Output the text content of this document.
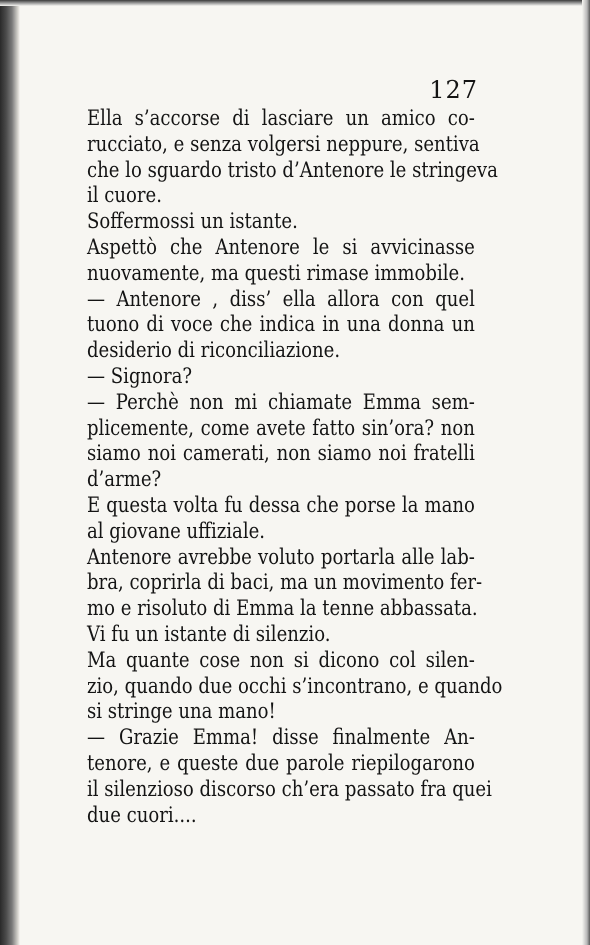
127
Ella s’accorse di lasciare un amico co-
rucciato, e senza volgersi neppure, sentiva
che lo sguardo tristo d’Antenore le stringeva
il cuore.
Soffermossi un istante.
Aspettò che Antenore le si avvicinasse
nuovamente, ma questi rimase immobile.
— Antenore , diss’ ella allora con quel
tuono di voce che indica in una donna un
desiderio di riconciliazione.
— Signora?
— Perchè non mi chiamate Emma sem-
plicemente, come avete fatto sin’ora? non
siamo noi camerati, non siamo noi fratelli
d’arme?
E questa volta fu dessa che porse la mano
al giovane uffiziale.
Antenore avrebbe voluto portarla alle lab-
bra, coprirla di baci, ma un movimento fer-
mo e risoluto di Emma la tenne abbassata.
Vi fu un istante di silenzio.
Ma quante cose non si dicono col silen-
zio, quando due occhi s’incontrano, e quando
si stringe una mano!
— Grazie Emma! disse finalmente An-
tenore, e queste due parole riepilogarono
il silenzioso discorso ch’era passato fra quei
due cuori....
